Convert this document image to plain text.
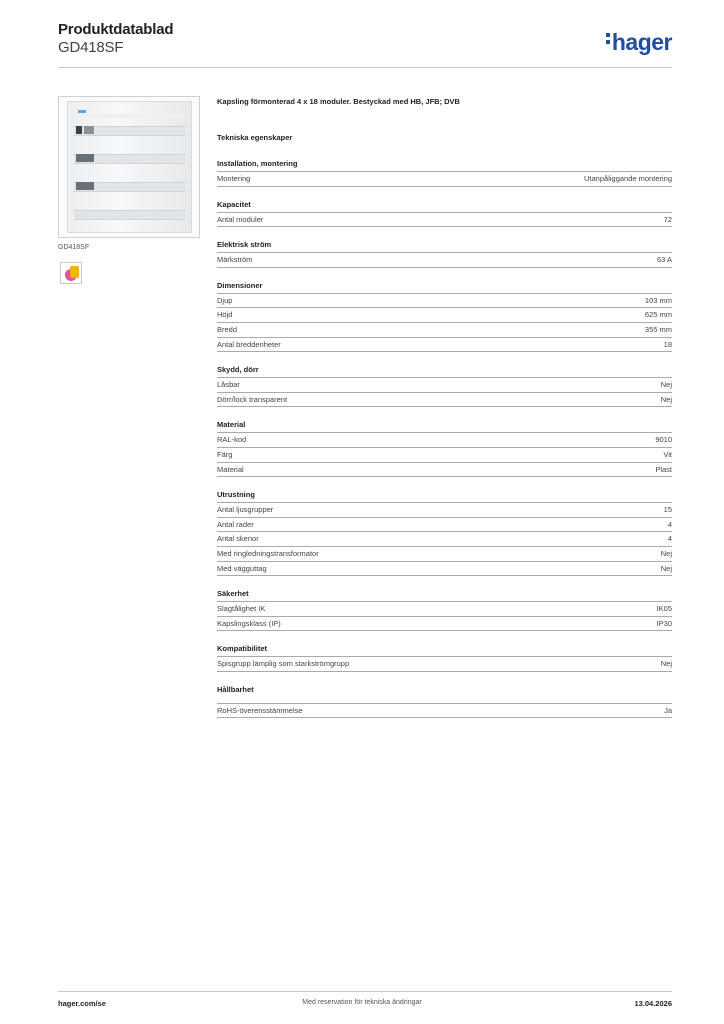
Produktdatablad
GD418SF	hager
GD418SF
Kapsling förmonterad 4 x 18 moduler. Bestyckad med HB, JFB; DVB
Tekniska egenskaper
Installation, montering
Montering	Utanpåliggande montering
Kapacitet
Antal moduler	72
Elektrisk ström
Märkström	63 A
Dimensioner
Djup	103 mm
Höjd	625 mm
Bredd	355 mm
Antal breddenheter	18
Skydd, dörr
Låsbar	Nej
Dörr/lock transparent	Nej
Material
RAL-kod	9010
Färg	Vit
Material	Plast
Utrustning
Antal ljusgrupper	15
Antal rader	4
Antal skenor	4
Med ringledningstransformator	Nej
Med vägguttag	Nej
Säkerhet
Slagtålighet IK	IK05
Kapslingsklass (IP)	IP30
Kompatibilitet
Spisgrupp lämplig som starkströmgrupp	Nej
Hållbarhet
RoHS-överensstämmelse	Ja
hager.com/se	Med reservation för tekniska ändringar	13.04.2026
